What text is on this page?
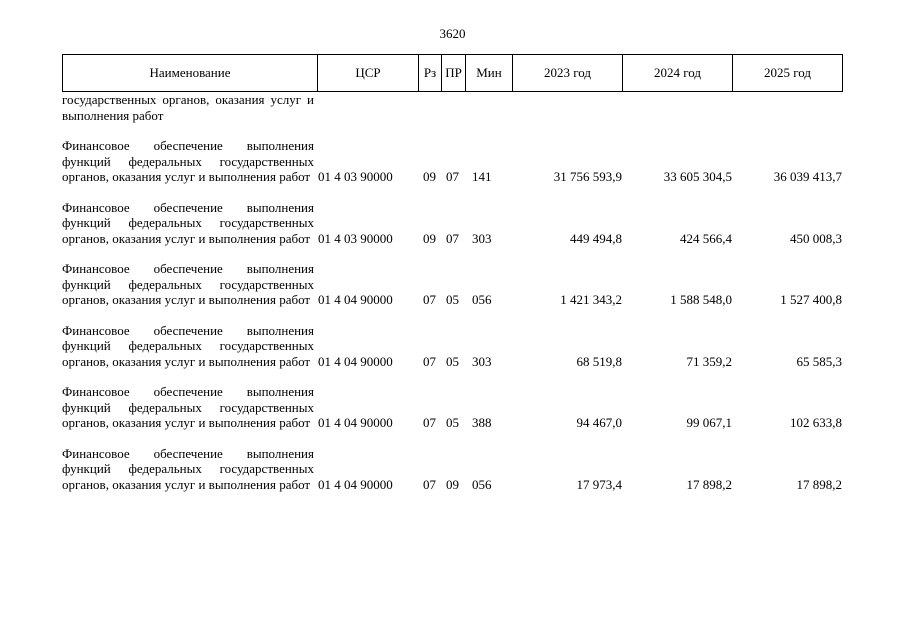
3620
Наименование	ЦСР	Рз	ПР	Мин	2023 год	2024 год	2025 год
государственных органов, оказания услуг и выполнения работ
Финансовое обеспечение выполнения функций федеральных государственных органов, оказания услуг и выполнения работ 01 4 03 90000	09 07	141	31 756 593,9	33 605 304,5	36 039 413,7
Финансовое обеспечение выполнения функций федеральных государственных органов, оказания услуг и выполнения работ 01 4 03 90000	09 07	303	449 494,8	424 566,4	450 008,3
Финансовое обеспечение выполнения функций федеральных государственных органов, оказания услуг и выполнения работ 01 4 04 90000	07 05	056	1 421 343,2	1 588 548,0	1 527 400,8
Финансовое обеспечение выполнения функций федеральных государственных органов, оказания услуг и выполнения работ 01 4 04 90000	07 05	303	68 519,8	71 359,2	65 585,3
Финансовое обеспечение выполнения функций федеральных государственных органов, оказания услуг и выполнения работ 01 4 04 90000	07 05	388	94 467,0	99 067,1	102 633,8
Финансовое обеспечение выполнения функций федеральных государственных органов, оказания услуг и выполнения работ 01 4 04 90000	07 09	056	17 973,4	17 898,2	17 898,2
